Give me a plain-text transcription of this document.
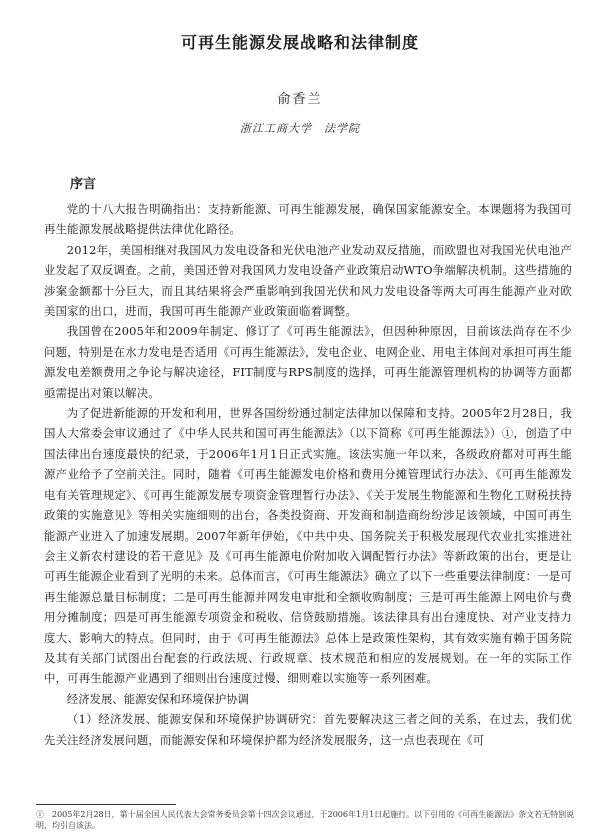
可再生能源发展战略和法律制度

俞香兰

浙江工商大学　法学院

序言

党的十八大报告明确指出：支持新能源、可再生能源发展，确保国家能源安全。本课题将为我国可再生能源发展战略提供法律优化路径。

2012年，美国相继对我国风力发电设备和光伏电池产业发动双反措施，而欧盟也对我国光伏电池产业发起了双反调查。之前，美国还曾对我国风力发电设备产业政策启动WTO争端解决机制。这些措施的涉案金额都十分巨大，而且其结果将会严重影响到我国光伏和风力发电设备等两大可再生能源产业对欧美国家的出口，进而，我国可再生能源产业政策面临着调整。

我国曾在2005年和2009年制定、修订了《可再生能源法》，但因种种原因，目前该法尚存在不少问题，特别是在水力发电是否适用《可再生能源法》，发电企业、电网企业、用电主体间对承担可再生能源发电差额费用之争论与解决途径，FIT制度与RPS制度的选择，可再生能源管理机构的协调等方面都亟需提出对策以解决。

为了促进新能源的开发和利用，世界各国纷纷通过制定法律加以保障和支持。2005年2月28日，我国人大常委会审议通过了《中华人民共和国可再生能源法》（以下简称《可再生能源法》）①，创造了中国法律出台速度最快的纪录，于2006年1月1日正式实施。该法实施一年以来，各级政府都对可再生能源产业给予了空前关注。同时，随着《可再生能源发电价格和费用分摊管理试行办法》、《可再生能源发电有关管理规定》、《可再生能源发展专项资金管理暂行办法》、《关于发展生物能源和生物化工财税扶持政策的实施意见》等相关实施细则的出台，各类投资商、开发商和制造商纷纷涉足该领域，中国可再生能源产业进入了加速发展期。2007年新年伊始，《中共中央、国务院关于积极发展现代农业扎实推进社会主义新农村建设的若干意见》及《可再生能源电价附加收入调配暂行办法》等新政策的出台，更是让可再生能源企业看到了光明的未来。总体而言，《可再生能源法》确立了以下一些重要法律制度：一是可再生能源总量目标制度；二是可再生能源并网发电审批和全额收购制度；三是可再生能源上网电价与费用分摊制度；四是可再生能源专项资金和税收、信贷鼓励措施。该法律具有出台速度快、对产业支持力度大、影响大的特点。但同时，由于《可再生能源法》总体上是政策性架构，其有效实施有赖于国务院及其有关部门试图出台配套的行政法规、行政规章、技术规范和相应的发展规划。在一年的实际工作中，可再生能源产业遇到了细则出台速度过慢、细则难以实施等一系列困难。

经济发展、能源安保和环境保护协调

（1）经济发展、能源安保和环境保护协调研究：首先要解决这三者之间的关系，在过去，我们优先关注经济发展问题，而能源安保和环境保护都为经济发展服务，这一点也表现在《可

①　2005年2月28日，第十届全国人民代表大会常务委员会第十四次会议通过，于2006年1月1日起施行。以下引用的《可再生能源法》条文若无特别说明，均引自该法。
